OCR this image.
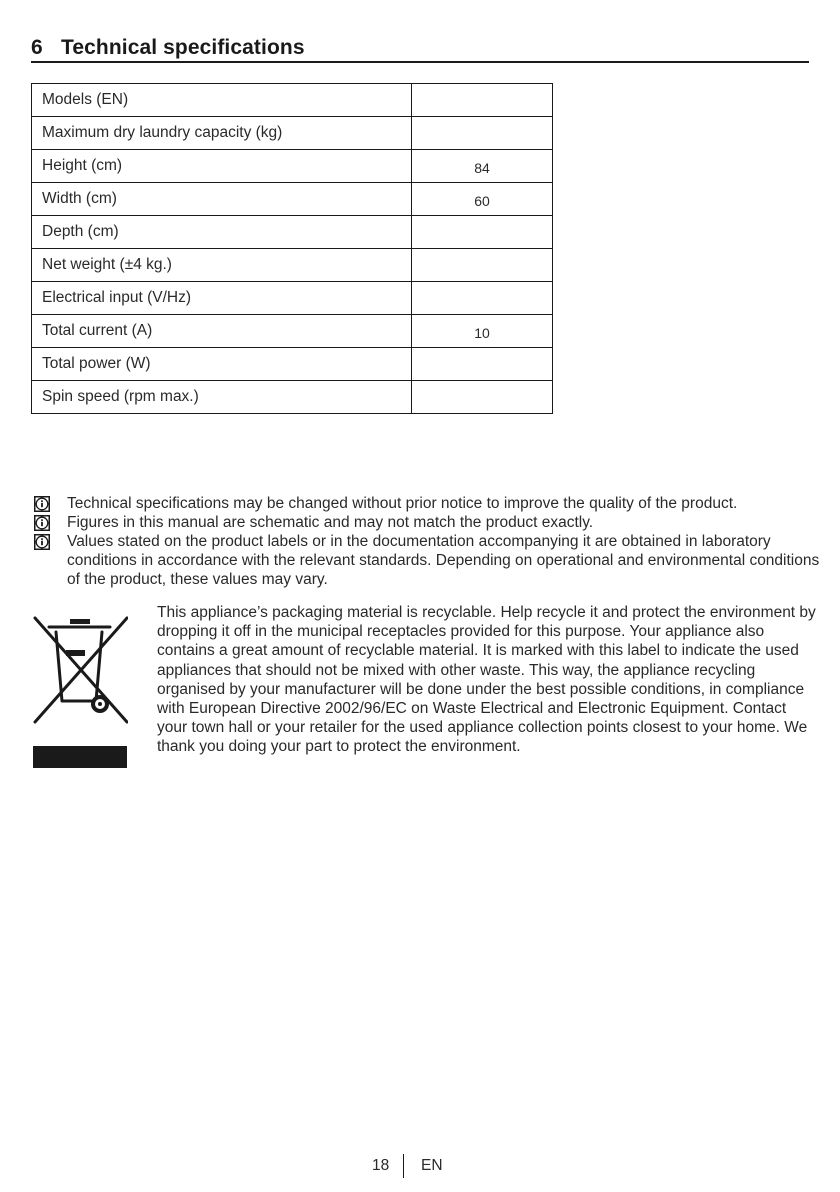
6 Technical specifications
Models (EN)	
Maximum dry laundry capacity (kg)	
Height (cm)	84
Width (cm)	60
Depth (cm)	
Net weight (±4 kg.)	
Electrical input (V/Hz)	
Total current (A)	10
Total power (W)	
Spin speed (rpm max.)	
Technical specifications may be changed without prior notice to improve the quality of the product.
Figures in this manual are schematic and may not match the product exactly.
Values stated on the product labels or in the documentation accompanying it are obtained in laboratory conditions in accordance with the relevant standards. Depending on operational and environmental conditions of the product, these values may vary.
This appliance’s packaging material is recyclable. Help recycle it and protect the environment by dropping it off in the municipal receptacles provided for this purpose. Your appliance also contains a great amount of recyclable material. It is marked with this label to indicate the used appliances that should not be mixed with other waste. This way, the appliance recycling organised by your manufacturer will be done under the best possible conditions, in compliance with European Directive 2002/96/EC on Waste Electrical and Electronic Equipment. Contact your town hall or your retailer for the used appliance collection points closest to your home. We thank you doing your part to protect the environment.
18 EN
